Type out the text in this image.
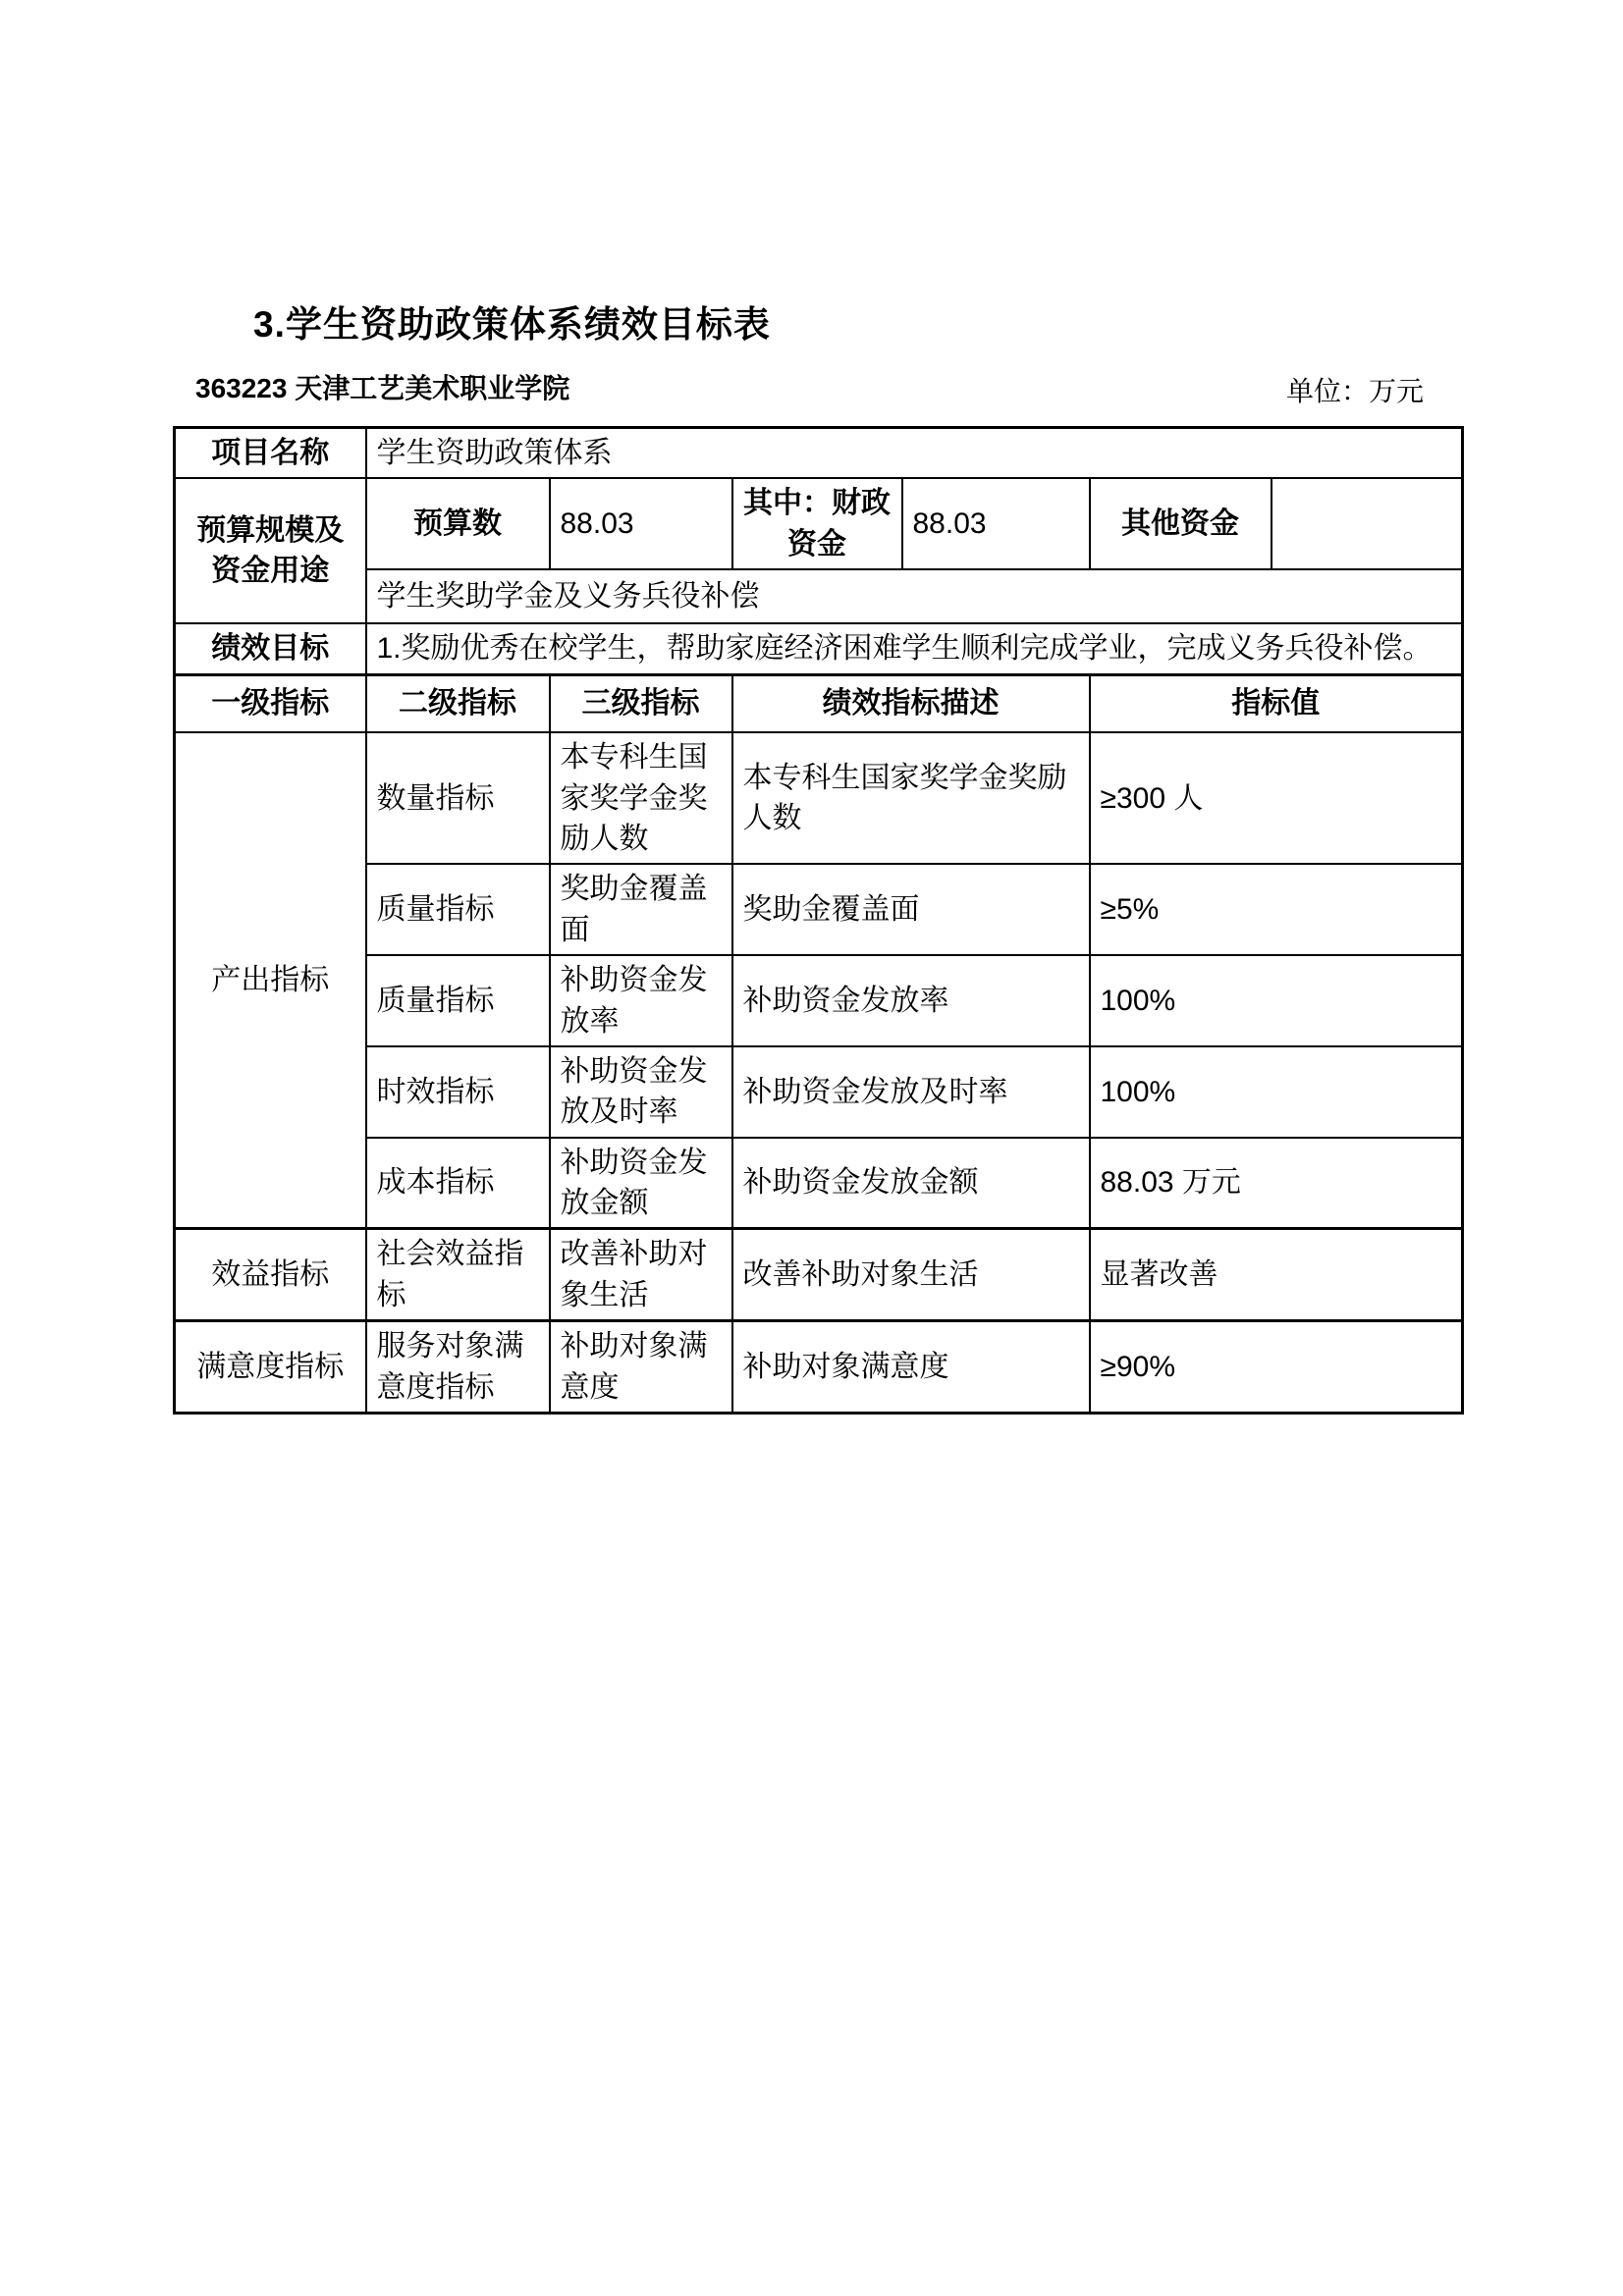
3.学生资助政策体系绩效目标表
363223 天津工艺美术职业学院	单位：万元
项目名称	学生资助政策体系					
预算规模及资金用途	预算数	88.03	其中：财政资金	88.03	其他资金	
	学生奖助学金及义务兵役补偿					
绩效目标	1.奖励优秀在校学生，帮助家庭经济困难学生顺利完成学业，完成义务兵役补偿。					
一级指标	二级指标	三级指标	绩效指标描述		指标值	
产出指标	数量指标	本专科生国家奖学金奖励人数	本专科生国家奖学金奖励人数		≥300 人	
	质量指标	奖助金覆盖面	奖助金覆盖面		≥5%	
	质量指标	补助资金发放率	补助资金发放率		100%	
	时效指标	补助资金发放及时率	补助资金发放及时率		100%	
	成本指标	补助资金发放金额	补助资金发放金额		88.03 万元	
效益指标	社会效益指标	改善补助对象生活	改善补助对象生活		显著改善	
满意度指标	服务对象满意度指标	补助对象满意度	补助对象满意度		≥90%	
